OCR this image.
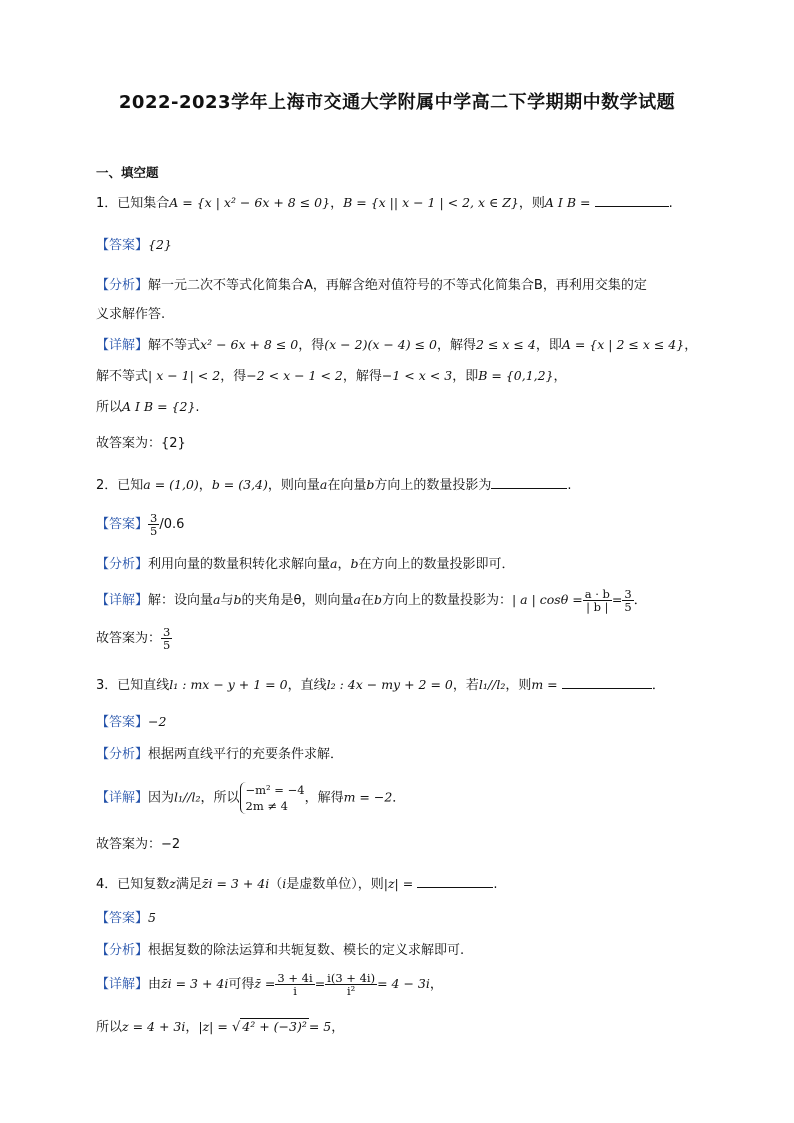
2022-2023学年上海市交通大学附属中学高二下学期期中数学试题
一、填空题
1．已知集合A = {x | x² − 6x + 8 ≤ 0}，B = {x || x − 1 | < 2, x ∈ Z}，则A I B =	.
【答案】{2}
【分析】解一元二次不等式化简集合A，再解含绝对值符号的不等式化简集合B，再利用交集的定
义求解作答.
【详解】解不等式x² − 6x + 8 ≤ 0，得(x − 2)(x − 4) ≤ 0，解得2 ≤ x ≤ 4，即A = {x | 2 ≤ x ≤ 4}，
解不等式| x − 1| < 2，得−2 < x − 1 < 2，解得−1 < x < 3，即B = {0,1,2}，
所以A I B = {2}.
故答案为：{2}
2．已知a = (1,0)，b = (3,4)，则向量a在向量b方向上的数量投影为	.
【答案】 $\frac{3}{5} /0.6$
【分析】利用向量的数量积转化求解向量a，b在方向上的数量投影即可．
【详解】解：设向量a与b的夹角是θ，则向量a在b方向上的数量投影为：| a | $\cos\theta = \frac{a \cdot b}{| b |} = \frac{3}{5}$ ．
故答案为： $\frac{3}{5}$
3．已知直线l₁ : mx − y + 1 = 0，直线l₂ : 4x − my + 2 = 0，若l₁//l₂，则m =	．
【答案】−2
【分析】根据两直线平行的充要条件求解．
【详解】因为l₁//l₂，所以
−m² = −4
2m ≠ 4
，解得m = −2．
故答案为：−2
4．已知复数z满足z̄i = 3 + 4i（i是虚数单位），则|z| =	.
【答案】5
【分析】根据复数的除法运算和共轭复数、模长的定义求解即可.
【详解】由z̄i = 3 + 4i可得z̄ = $\frac{3 + 4i}{i} = \frac{i(3 + 4i)}{\text{i²}} = 4 - 3i$，
所以z = 4 + 3i，|z| = √ 4² + (−3)² = 5，
